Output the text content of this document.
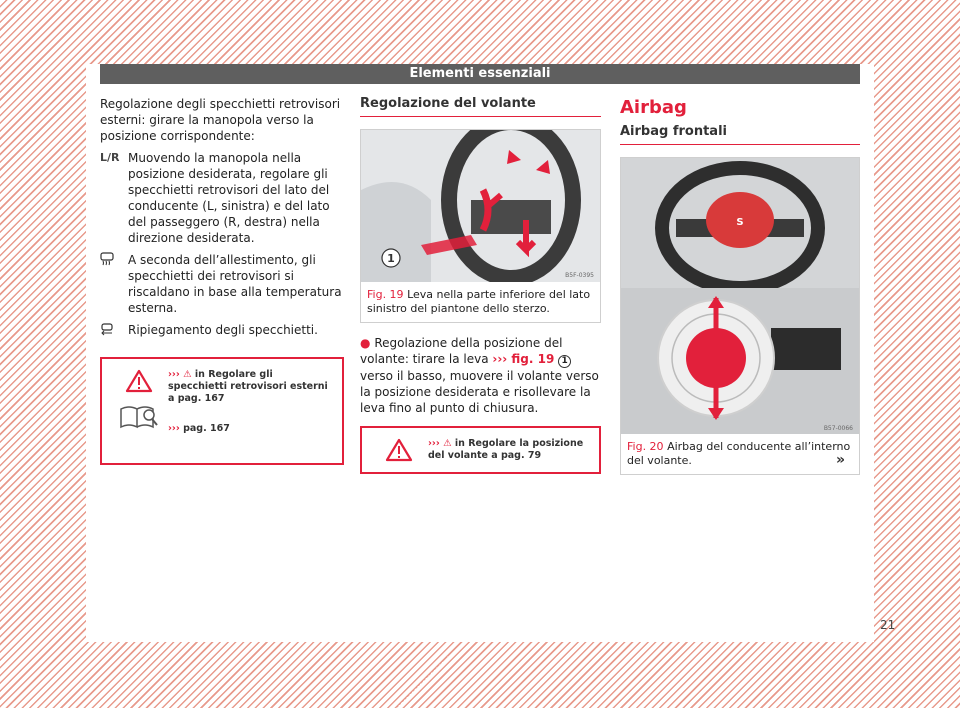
Elementi essenziali

Regolazione degli specchietti retrovisori esterni: girare la manopola verso la posizione corrispondente:

L/R Muovendo la manopola nella posizione desiderata, regolare gli specchietti retrovisori del lato del conducente (L, sinistra) e del lato del passeggero (R, destra) nella direzione desiderata.
A seconda dell’allestimento, gli specchietti dei retrovisori si riscaldano in base alla temperatura esterna.
Ripiegamento degli specchietti.
››› ⚠ in Regolare gli specchietti retrovisori esterni a pag. 167
››› pag. 167
Regolazione del volante
1
B5F-0395
Fig. 19 Leva nella parte inferiore del lato sinistro del piantone dello sterzo.

● Regolazione della posizione del volante: tirare la leva ››› fig. 19 1 verso il basso, muovere il volante verso la posizione desiderata e risollevare la leva fino al punto di chiusura.

››› ⚠ in Regolare la posizione del volante a pag. 79
Airbag
Airbag frontali
S
B57-0066
Fig. 20 Airbag del conducente all’interno del volante.	»
21
